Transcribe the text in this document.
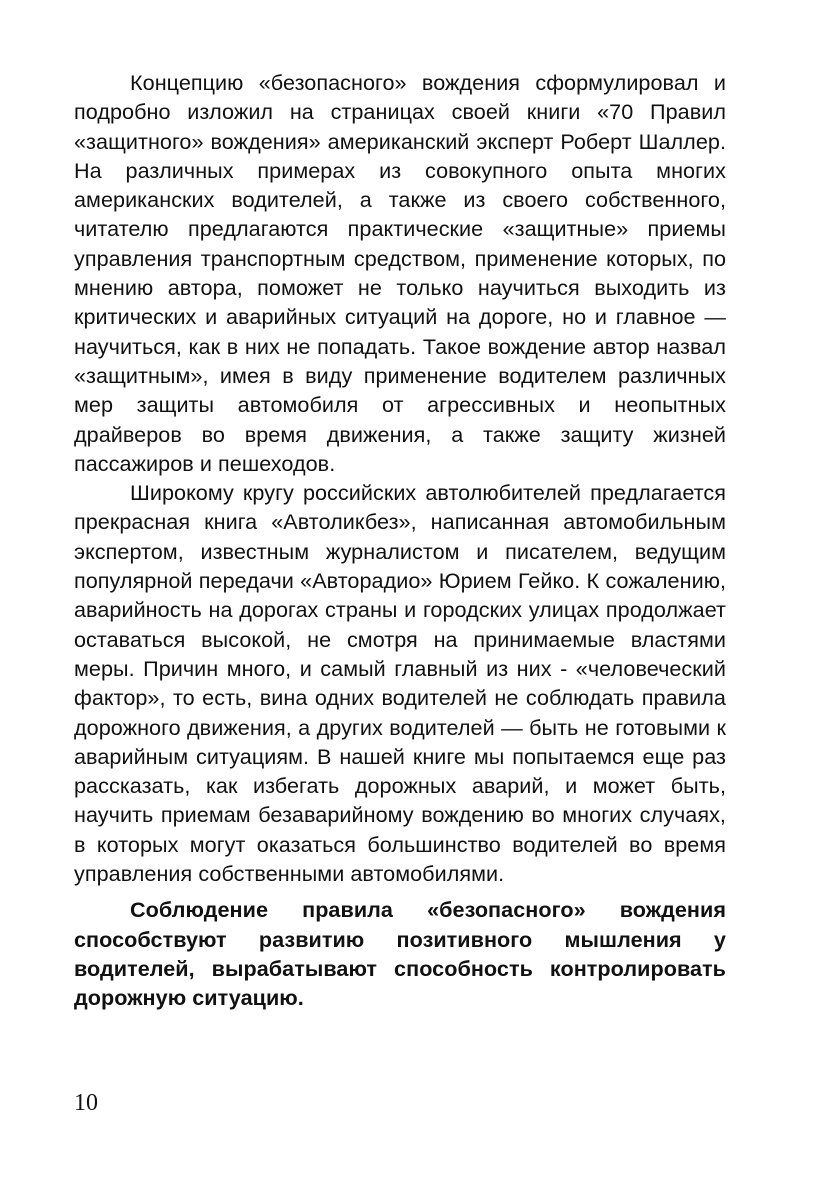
Концепцию «безопасного» вождения сформулировал и подробно изложил на страницах своей книги «70 Правил «защитного» вождения» американский эксперт Роберт Шаллер. На различных примерах из совокупного опыта многих американских водителей, а также из своего собственного, читателю предлагаются практические «защитные» приемы управления транспортным средством, применение которых, по мнению автора, поможет не только научиться выходить из критических и аварийных ситуаций на дороге, но и главное — научиться, как в них не попадать. Такое вождение автор назвал «защитным», имея в виду применение водителем различных мер защиты автомобиля от агрессивных и неопытных драйверов во время движения, а также защиту жизней пассажиров и пешеходов.

Широкому кругу российских автолюбителей предлагается прекрасная книга «Автоликбез», написанная автомобильным экспертом, известным журналистом и писателем, ведущим популярной передачи «Авторадио» Юрием Гейко. К сожалению, аварийность на дорогах страны и городских улицах продолжает оставаться высокой, не смотря на принимаемые властями меры. Причин много, и самый главный из них - «человеческий фактор», то есть, вина одних водителей не соблюдать правила дорожного движения, а других водителей — быть не готовыми к аварийным ситуациям. В нашей книге мы попытаемся еще раз рассказать, как избегать дорожных аварий, и может быть, научить приемам безаварийному вождению во многих случаях, в которых могут оказаться большинство водителей во время управления собственными автомобилями.

Соблюдение правила «безопасного» вождения способствуют развитию позитивного мышления у водителей, вырабатывают способность контролировать дорожную ситуацию.

10
